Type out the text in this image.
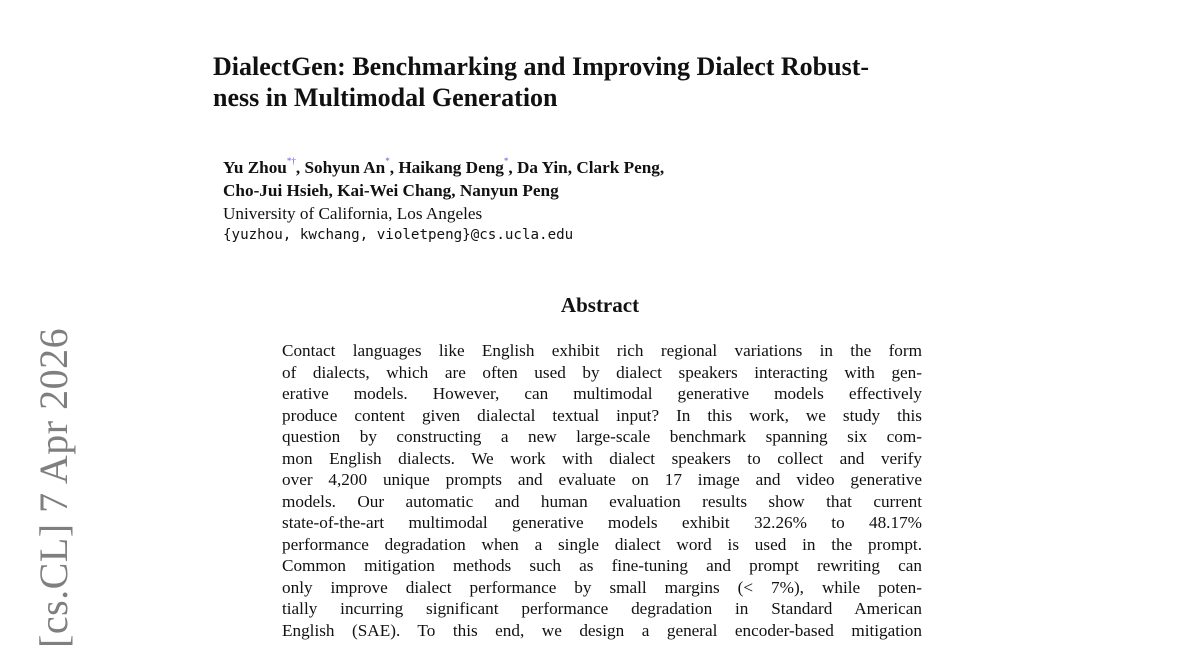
[cs.CL] 7 Apr 2026
DialectGen: Benchmarking and Improving Dialect Robust-
ness in Multimodal Generation
Yu Zhou*†, Sohyun An*, Haikang Deng*, Da Yin, Clark Peng,
Cho-Jui Hsieh, Kai-Wei Chang, Nanyun Peng
University of California, Los Angeles
{yuzhou, kwchang, violetpeng}@cs.ucla.edu
Abstract
Contact languages like English exhibit rich regional variations in the form
of dialects, which are often used by dialect speakers interacting with gen-
erative models. However, can multimodal generative models effectively
produce content given dialectal textual input? In this work, we study this
question by constructing a new large-scale benchmark spanning six com-
mon English dialects. We work with dialect speakers to collect and verify
over 4,200 unique prompts and evaluate on 17 image and video generative
models. Our automatic and human evaluation results show that current
state-of-the-art multimodal generative models exhibit 32.26% to 48.17%
performance degradation when a single dialect word is used in the prompt.
Common mitigation methods such as fine-tuning and prompt rewriting can
only improve dialect performance by small margins (< 7%), while poten-
tially incurring significant performance degradation in Standard American
English (SAE). To this end, we design a general encoder-based mitigation
